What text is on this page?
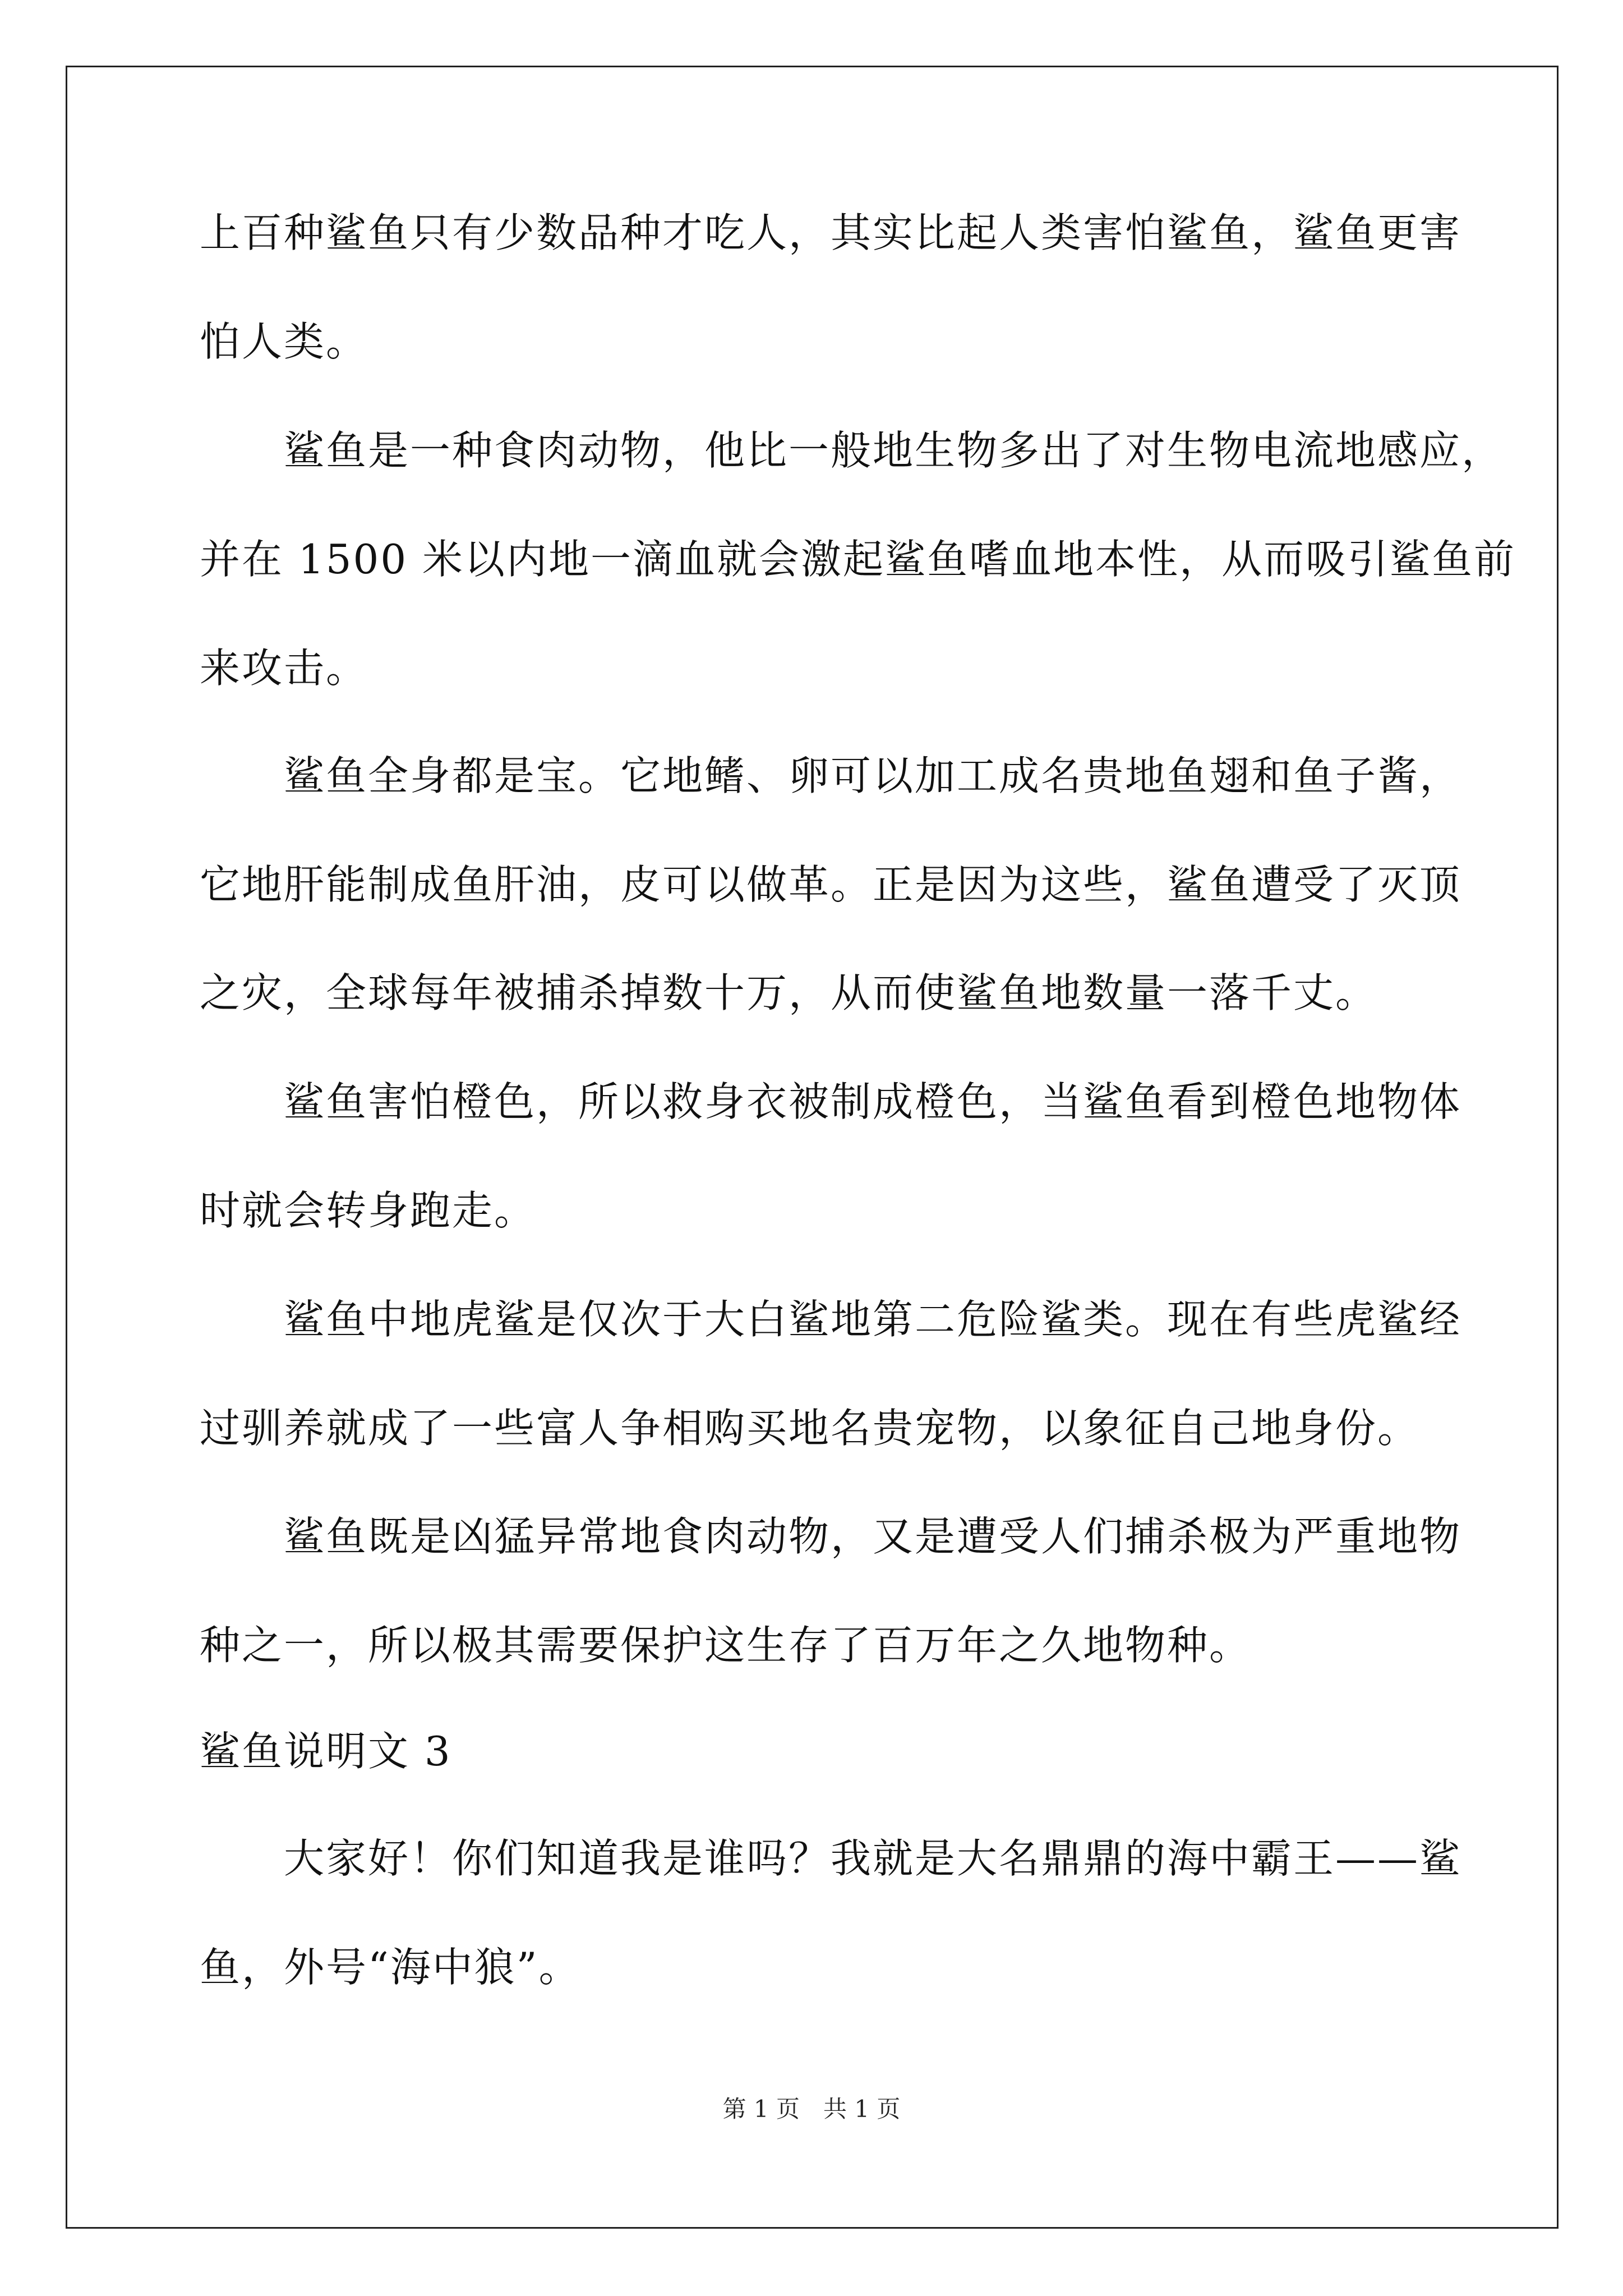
上百种鲨鱼只有少数品种才吃人，其实比起人类害怕鲨鱼，鲨鱼更害
怕人类。
　　鲨鱼是一种食肉动物，他比一般地生物多出了对生物电流地感应，
并在 1500 米以内地一滴血就会激起鲨鱼嗜血地本性，从而吸引鲨鱼前
来攻击。
　　鲨鱼全身都是宝。它地鳍、卵可以加工成名贵地鱼翅和鱼子酱，
它地肝能制成鱼肝油，皮可以做革。正是因为这些，鲨鱼遭受了灭顶
之灾，全球每年被捕杀掉数十万，从而使鲨鱼地数量一落千丈。
　　鲨鱼害怕橙色，所以救身衣被制成橙色，当鲨鱼看到橙色地物体
时就会转身跑走。
　　鲨鱼中地虎鲨是仅次于大白鲨地第二危险鲨类。现在有些虎鲨经
过驯养就成了一些富人争相购买地名贵宠物，以象征自己地身份。
　　鲨鱼既是凶猛异常地食肉动物，又是遭受人们捕杀极为严重地物
种之一，所以极其需要保护这生存了百万年之久地物种。
鲨鱼说明文 3
　　大家好！你们知道我是谁吗？我就是大名鼎鼎的海中霸王——鲨
鱼，外号“海中狼”。
第 1 页　共 1 页
